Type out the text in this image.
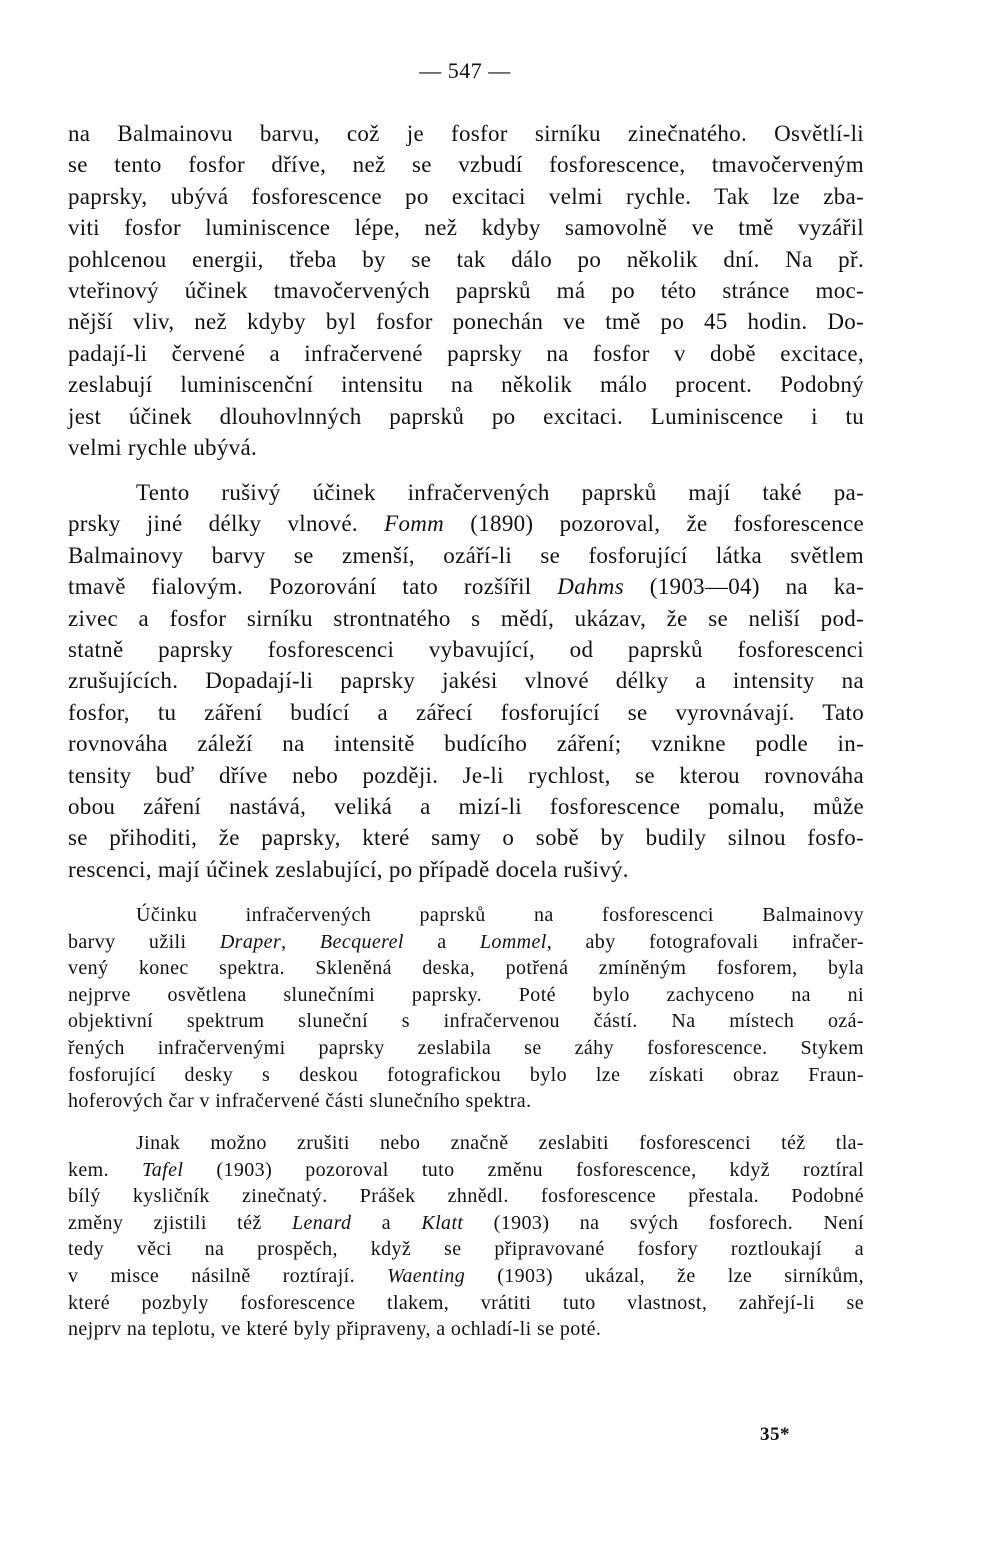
— 547 —
na Balmainovu barvu, což je fosfor sirníku zinečnatého. Osvětlí-li
se tento fosfor dříve, než se vzbudí fosforescence, tmavočerveným
paprsky, ubývá fosforescence po excitaci velmi rychle. Tak lze zba-
viti fosfor luminiscence lépe, než kdyby samovolně ve tmě vyzářil
pohlcenou energii, třeba by se tak dálo po několik dní. Na př.
vteřinový účinek tmavočervených paprsků má po této stránce moc-
nější vliv, než kdyby byl fosfor ponechán ve tmě po 45 hodin. Do-
padají-li červené a infračervené paprsky na fosfor v době excitace,
zeslabují luminiscenční intensitu na několik málo procent. Podobný
jest účinek dlouhovlnných paprsků po excitaci. Luminiscence i tu
velmi rychle ubývá.
Tento rušivý účinek infračervených paprsků mají také pa-
prsky jiné délky vlnové. Fomm (1890) pozoroval, že fosforescence
Balmainovy barvy se zmenší, ozáří-li se fosforující látka světlem
tmavě fialovým. Pozorování tato rozšířil Dahms (1903—04) na ka-
zivec a fosfor sirníku strontnatého s mědí, ukázav, že se neliší pod-
statně paprsky fosforescenci vybavující, od paprsků fosforescenci
zrušujících. Dopadají-li paprsky jakési vlnové délky a intensity na
fosfor, tu záření budící a zářecí fosforující se vyrovnávají. Tato
rovnováha záleží na intensitě budícího záření; vznikne podle in-
tensity buď dříve nebo později. Je-li rychlost, se kterou rovnováha
obou záření nastává, veliká a mizí-li fosforescence pomalu, může
se přihoditi, že paprsky, které samy o sobě by budily silnou fosfo-
rescenci, mají účinek zeslabující, po případě docela rušivý.
Účinku infračervených paprsků na fosforescenci Balmainovy
barvy užili Draper, Becquerel a Lommel, aby fotografovali infračer-
vený konec spektra. Skleněná deska, potřená zmíněným fosforem, byla
nejprve osvětlena slunečními paprsky. Poté bylo zachyceno na ni
objektivní spektrum sluneční s infračervenou částí. Na místech ozá-
řených infračervenými paprsky zeslabila se záhy fosforescence. Stykem
fosforující desky s deskou fotografickou bylo lze získati obraz Fraun-
hoferových čar v infračervené části slunečního spektra.
Jinak možno zrušiti nebo značně zeslabiti fosforescenci též tla-
kem. Tafel (1903) pozoroval tuto změnu fosforescence, když roztíral
bílý kysličník zinečnatý. Prášek zhnědl. fosforescence přestala. Podobné
změny zjistili též Lenard a Klatt (1903) na svých fosforech. Není
tedy věci na prospěch, když se připravované fosfory roztloukají a
v misce násilně roztírají. Waenting (1903) ukázal, že lze sirníkům,
které pozbyly fosforescence tlakem, vrátiti tuto vlastnost, zahřejí-li se
nejprv na teplotu, ve které byly připraveny, a ochladí-li se poté.
35*
